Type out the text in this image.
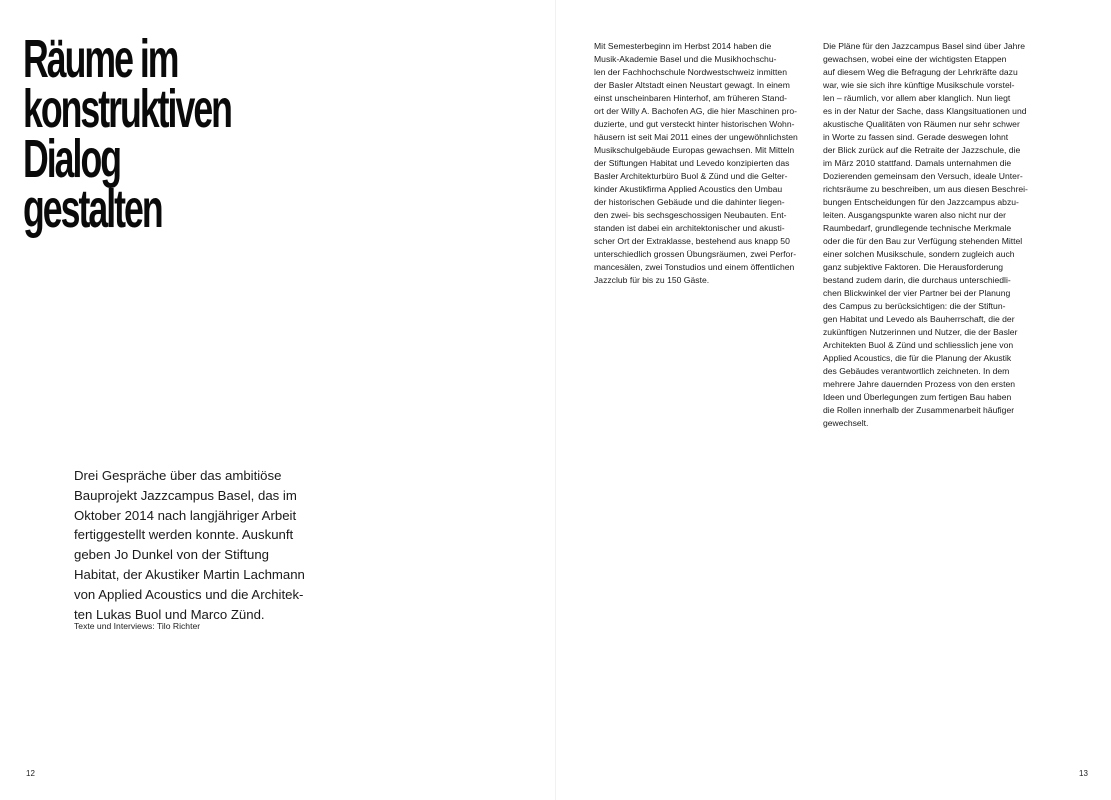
Räume im
konstruktiven
Dialog
gestalten
Drei Gespräche über das ambitiöse
Bauprojekt Jazzcampus Basel, das im
Oktober 2014 nach langjähriger Arbeit
fertiggestellt werden konnte. Auskunft
geben Jo Dunkel von der Stiftung
Habitat, der Akustiker Martin Lachmann
von Applied Acoustics und die Architek-
ten Lukas Buol und Marco Zünd.
Texte und Interviews: Tilo Richter
Mit Semesterbeginn im Herbst 2014 haben die
Musik-Akademie Basel und die Musikhochschu-
len der Fachhochschule Nordwestschweiz inmitten
der Basler Altstadt einen Neustart gewagt. In einem
einst unscheinbaren Hinterhof, am früheren Stand-
ort der Willy A. Bachofen AG, die hier Maschinen pro-
duzierte, und gut versteckt hinter historischen Wohn-
häusern ist seit Mai 2011 eines der ungewöhnlichsten
Musikschulgebäude Europas gewachsen. Mit Mitteln
der Stiftungen Habitat und Levedo konzipierten das
Basler Architekturbüro Buol & Zünd und die Gelter-
kinder Akustikfirma Applied Acoustics den Umbau
der historischen Gebäude und die dahinter liegen-
den zwei- bis sechsgeschossigen Neubauten. Ent-
standen ist dabei ein architektonischer und akusti-
scher Ort der Extraklasse, bestehend aus knapp 50
unterschiedlich grossen Übungsräumen, zwei Perfor-
mancesälen, zwei Tonstudios und einem öffentlichen
Jazzclub für bis zu 150 Gäste.
Die Pläne für den Jazzcampus Basel sind über Jahre
gewachsen, wobei eine der wichtigsten Etappen
auf diesem Weg die Befragung der Lehrkräfte dazu
war, wie sie sich ihre künftige Musikschule vorstel-
len – räumlich, vor allem aber klanglich. Nun liegt
es in der Natur der Sache, dass Klangsituationen und
akustische Qualitäten von Räumen nur sehr schwer
in Worte zu fassen sind. Gerade deswegen lohnt
der Blick zurück auf die Retraite der Jazzschule, die
im März 2010 stattfand. Damals unternahmen die
Dozierenden gemeinsam den Versuch, ideale Unter-
richtsräume zu beschreiben, um aus diesen Beschrei-
bungen Entscheidungen für den Jazzcampus abzu-
leiten. Ausgangspunkte waren also nicht nur der
Raumbedarf, grundlegende technische Merkmale
oder die für den Bau zur Verfügung stehenden Mittel
einer solchen Musikschule, sondern zugleich auch
ganz subjektive Faktoren. Die Herausforderung
bestand zudem darin, die durchaus unterschiedli-
chen Blickwinkel der vier Partner bei der Planung
des Campus zu berücksichtigen: die der Stiftun-
gen Habitat und Levedo als Bauherrschaft, die der
zukünftigen Nutzerinnen und Nutzer, die der Basler
Architekten Buol & Zünd und schliesslich jene von
Applied Acoustics, die für die Planung der Akustik
des Gebäudes verantwortlich zeichneten. In dem
mehrere Jahre dauernden Prozess von den ersten
Ideen und Überlegungen zum fertigen Bau haben
die Rollen innerhalb der Zusammenarbeit häufiger
gewechselt.
12	13
